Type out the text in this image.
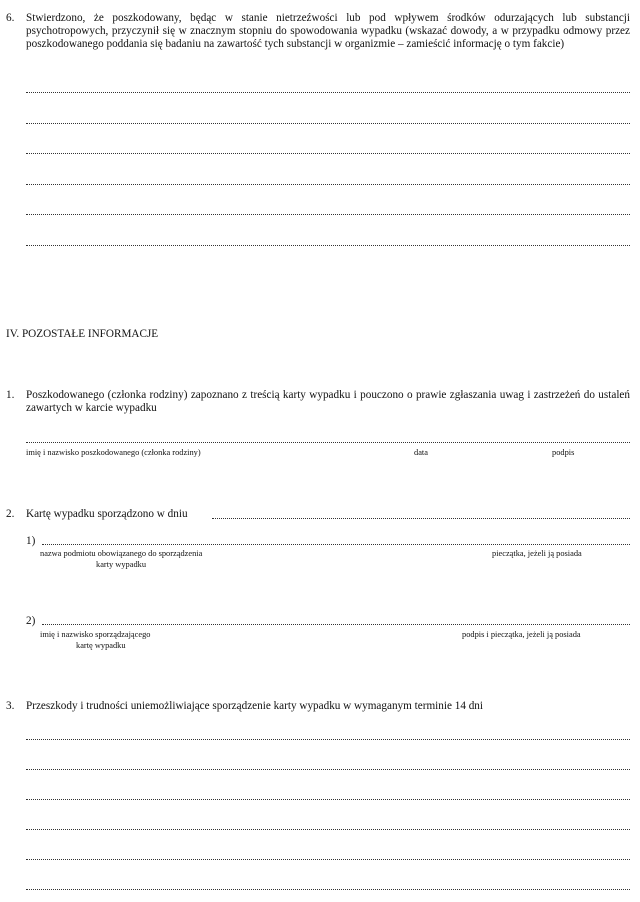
6. Stwierdzono, że poszkodowany, będąc w stanie nietrzeźwości lub pod wpływem środków odurzających lub substancji psychotropowych, przyczynił się w znacznym stopniu do spowodowania wypadku (wskazać dowody, a w przypadku odmowy przez poszkodowanego poddania się badaniu na zawartość tych substancji w organizmie – zamieścić informację o tym fakcie)
IV. POZOSTAŁE INFORMACJE
1. Poszkodowanego (członka rodziny) zapoznano z treścią karty wypadku i pouczono o prawie zgłaszania uwag i zastrzeżeń do ustaleń zawartych w karcie wypadku
imię i nazwisko poszkodowanego (członka rodziny)	data	podpis
2. Kartę wypadku sporządzono w dniu
1)
nazwa podmiotu obowiązanego do sporządzenia
karty wypadku
pieczątka, jeżeli ją posiada
2)
imię i nazwisko sporządzającego
kartę wypadku
podpis i pieczątka, jeżeli ją posiada
3. Przeszkody i trudności uniemożliwiające sporządzenie karty wypadku w wymaganym terminie 14 dni
